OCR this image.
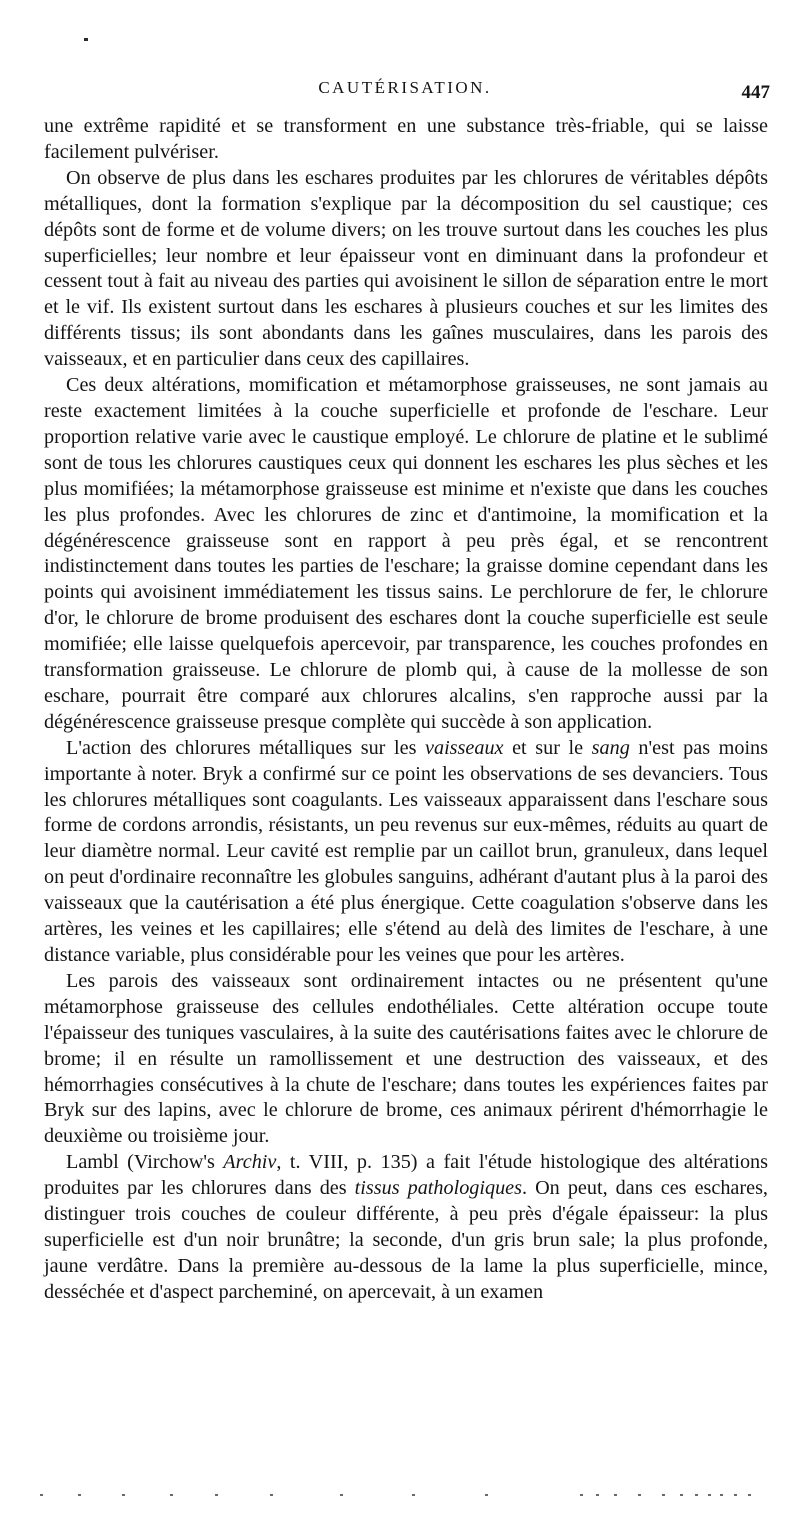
CAUTÉRISATION.	447

une extrême rapidité et se transforment en une substance très-friable, qui se laisse facilement pulvériser.

On observe de plus dans les eschares produites par les chlorures de véritables dépôts métalliques, dont la formation s'explique par la décomposition du sel caustique; ces dépôts sont de forme et de volume divers; on les trouve surtout dans les couches les plus superficielles; leur nombre et leur épaisseur vont en diminuant dans la profondeur et cessent tout à fait au niveau des parties qui avoisinent le sillon de séparation entre le mort et le vif. Ils existent surtout dans les eschares à plusieurs couches et sur les limites des différents tissus; ils sont abondants dans les gaînes musculaires, dans les parois des vaisseaux, et en particulier dans ceux des capillaires.

Ces deux altérations, momification et métamorphose graisseuses, ne sont jamais au reste exactement limitées à la couche superficielle et profonde de l'eschare. Leur proportion relative varie avec le caustique employé. Le chlorure de platine et le sublimé sont de tous les chlorures caustiques ceux qui donnent les eschares les plus sèches et les plus momifiées; la métamorphose graisseuse est minime et n'existe que dans les couches les plus profondes. Avec les chlorures de zinc et d'antimoine, la momification et la dégénérescence graisseuse sont en rapport à peu près égal, et se rencontrent indistinctement dans toutes les parties de l'eschare; la graisse domine cependant dans les points qui avoisinent immédiatement les tissus sains. Le perchlorure de fer, le chlorure d'or, le chlorure de brome produisent des eschares dont la couche superficielle est seule momifiée; elle laisse quelquefois apercevoir, par transparence, les couches profondes en transformation graisseuse. Le chlorure de plomb qui, à cause de la mollesse de son eschare, pourrait être comparé aux chlorures alcalins, s'en rapproche aussi par la dégénérescence graisseuse presque complète qui succède à son application.

L'action des chlorures métalliques sur les vaisseaux et sur le sang n'est pas moins importante à noter. Bryk a confirmé sur ce point les observations de ses devanciers. Tous les chlorures métalliques sont coagulants. Les vaisseaux apparaissent dans l'eschare sous forme de cordons arrondis, résistants, un peu revenus sur eux-mêmes, réduits au quart de leur diamètre normal. Leur cavité est remplie par un caillot brun, granuleux, dans lequel on peut d'ordinaire reconnaître les globules sanguins, adhérant d'autant plus à la paroi des vaisseaux que la cautérisation a été plus énergique. Cette coagulation s'observe dans les artères, les veines et les capillaires; elle s'étend au delà des limites de l'eschare, à une distance variable, plus considérable pour les veines que pour les artères.

Les parois des vaisseaux sont ordinairement intactes ou ne présentent qu'une métamorphose graisseuse des cellules endothéliales. Cette altération occupe toute l'épaisseur des tuniques vasculaires, à la suite des cautérisations faites avec le chlorure de brome; il en résulte un ramollissement et une destruction des vaisseaux, et des hémorrhagies consécutives à la chute de l'eschare; dans toutes les expériences faites par Bryk sur des lapins, avec le chlorure de brome, ces animaux périrent d'hémorrhagie le deuxième ou troisième jour.

Lambl (Virchow's Archiv, t. VIII, p. 135) a fait l'étude histologique des altérations produites par les chlorures dans des tissus pathologiques. On peut, dans ces eschares, distinguer trois couches de couleur différente, à peu près d'égale épaisseur: la plus superficielle est d'un noir brunâtre; la seconde, d'un gris brun sale; la plus profonde, jaune verdâtre. Dans la première au-dessous de la lame la plus superficielle, mince, desséchée et d'aspect parcheminé, on apercevait, à un examen
